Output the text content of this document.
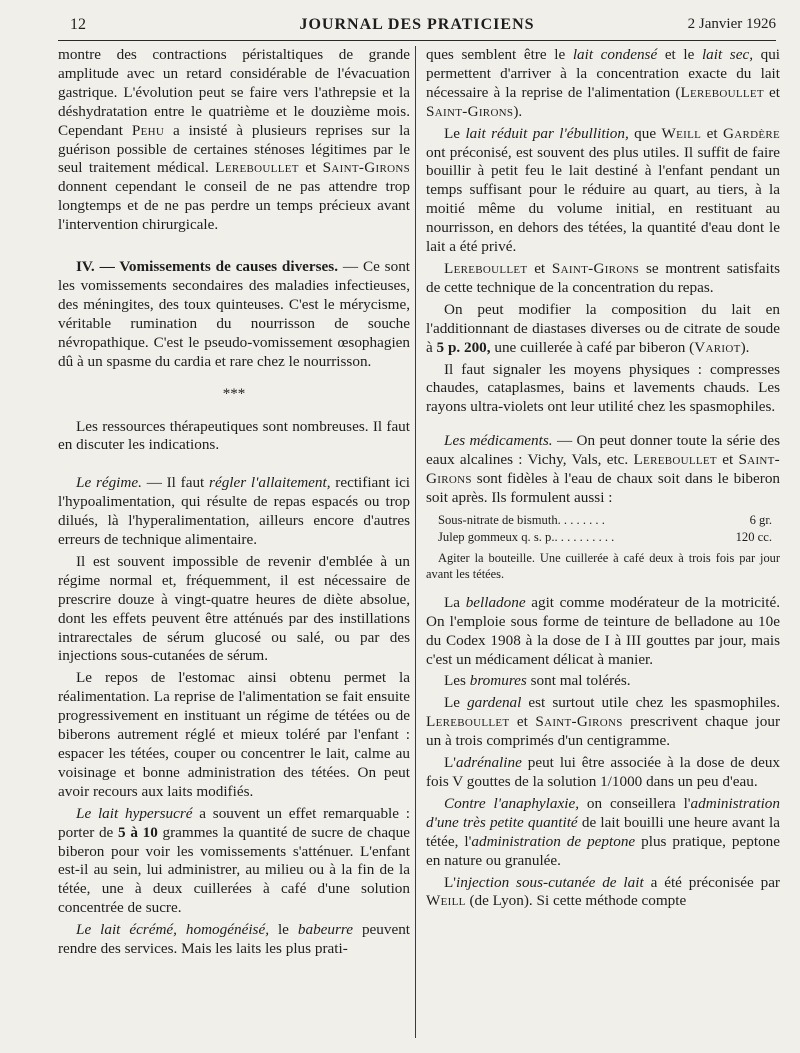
12	JOURNAL DES PRATICIENS	2 Janvier 1926

montre des contractions péristaltiques de grande amplitude avec un retard considérable de l'évacuation gastrique. L'évolution peut se faire vers l'athrepsie et la déshydratation entre le quatrième et le douzième mois. Cependant Pehu a insisté à plusieurs reprises sur la guérison possible de certaines sténoses légitimes par le seul traitement médical. Lereboullet et Saint-Girons donnent cependant le conseil de ne pas attendre trop longtemps et de ne pas perdre un temps précieux avant l'intervention chirurgicale.

IV. — Vomissements de causes diverses. — Ce sont les vomissements secondaires des maladies infectieuses, des méningites, des toux quinteuses. C'est le mérycisme, véritable rumination du nourrisson de souche névropathique. C'est le pseudo-vomissement œsophagien dû à un spasme du cardia et rare chez le nourrisson.

***

Les ressources thérapeutiques sont nombreuses. Il faut en discuter les indications.

Le régime. — Il faut régler l'allaitement, rectifiant ici l'hypoalimentation, qui résulte de repas espacés ou trop dilués, là l'hyperalimentation, ailleurs encore d'autres erreurs de technique alimentaire.

Il est souvent impossible de revenir d'emblée à un régime normal et, fréquemment, il est nécessaire de prescrire douze à vingt-quatre heures de diète absolue, dont les effets peuvent être atténués par des instillations intrarectales de sérum glucosé ou salé, ou par des injections sous-cutanées de sérum.

Le repos de l'estomac ainsi obtenu permet la réalimentation. La reprise de l'alimentation se fait ensuite progressivement en instituant un régime de tétées ou de biberons autrement réglé et mieux toléré par l'enfant : espacer les tétées, couper ou concentrer le lait, calme au voisinage et bonne administration des tétées. On peut avoir recours aux laits modifiés.

Le lait hypersucré a souvent un effet remarquable : porter de 5 à 10 grammes la quantité de sucre de chaque biberon pour voir les vomissements s'atténuer. L'enfant est-il au sein, lui administrer, au milieu ou à la fin de la tétée, une à deux cuillerées à café d'une solution concentrée de sucre.

Le lait écrémé, homogénéisé, le babeurre peuvent rendre des services. Mais les laits les plus prati-

ques semblent être le lait condensé et le lait sec, qui permettent d'arriver à la concentration exacte du lait nécessaire à la reprise de l'alimentation (Lereboullet et Saint-Girons).

Le lait réduit par l'ébullition, que Weill et Gardère ont préconisé, est souvent des plus utiles. Il suffit de faire bouillir à petit feu le lait destiné à l'enfant pendant un temps suffisant pour le réduire au quart, au tiers, à la moitié même du volume initial, en restituant au nourrisson, en dehors des tétées, la quantité d'eau dont le lait a été privé.

Lereboullet et Saint-Girons se montrent satisfaits de cette technique de la concentration du repas.

On peut modifier la composition du lait en l'additionnant de diastases diverses ou de citrate de soude à 5 p. 200, une cuillerée à café par biberon (Variot).

Il faut signaler les moyens physiques : compresses chaudes, cataplasmes, bains et lavements chauds. Les rayons ultra-violets ont leur utilité chez les spasmophiles.

Les médicaments. — On peut donner toute la série des eaux alcalines : Vichy, Vals, etc. Lereboullet et Saint-Girons sont fidèles à l'eau de chaux soit dans le biberon soit après. Ils formulent aussi :

Sous-nitrate de bismuth. . . . . . . .	6 gr.
Julep gommeux q. s. p.. . . . . . . . . .	120 cc.

Agiter la bouteille. Une cuillerée à café deux à trois fois par jour avant les tétées.

La belladone agit comme modérateur de la motricité. On l'emploie sous forme de teinture de belladone au 10e du Codex 1908 à la dose de I à III gouttes par jour, mais c'est un médicament délicat à manier.

Les bromures sont mal tolérés.

Le gardenal est surtout utile chez les spasmophiles. Lereboullet et Saint-Girons prescrivent chaque jour un à trois comprimés d'un centigramme.

L'adrénaline peut lui être associée à la dose de deux fois V gouttes de la solution 1/1000 dans un peu d'eau.

Contre l'anaphylaxie, on conseillera l'administration d'une très petite quantité de lait bouilli une heure avant la tétée, l'administration de peptone plus pratique, peptone en nature ou granulée.

L'injection sous-cutanée de lait a été préconisée par Weill (de Lyon). Si cette méthode compte
